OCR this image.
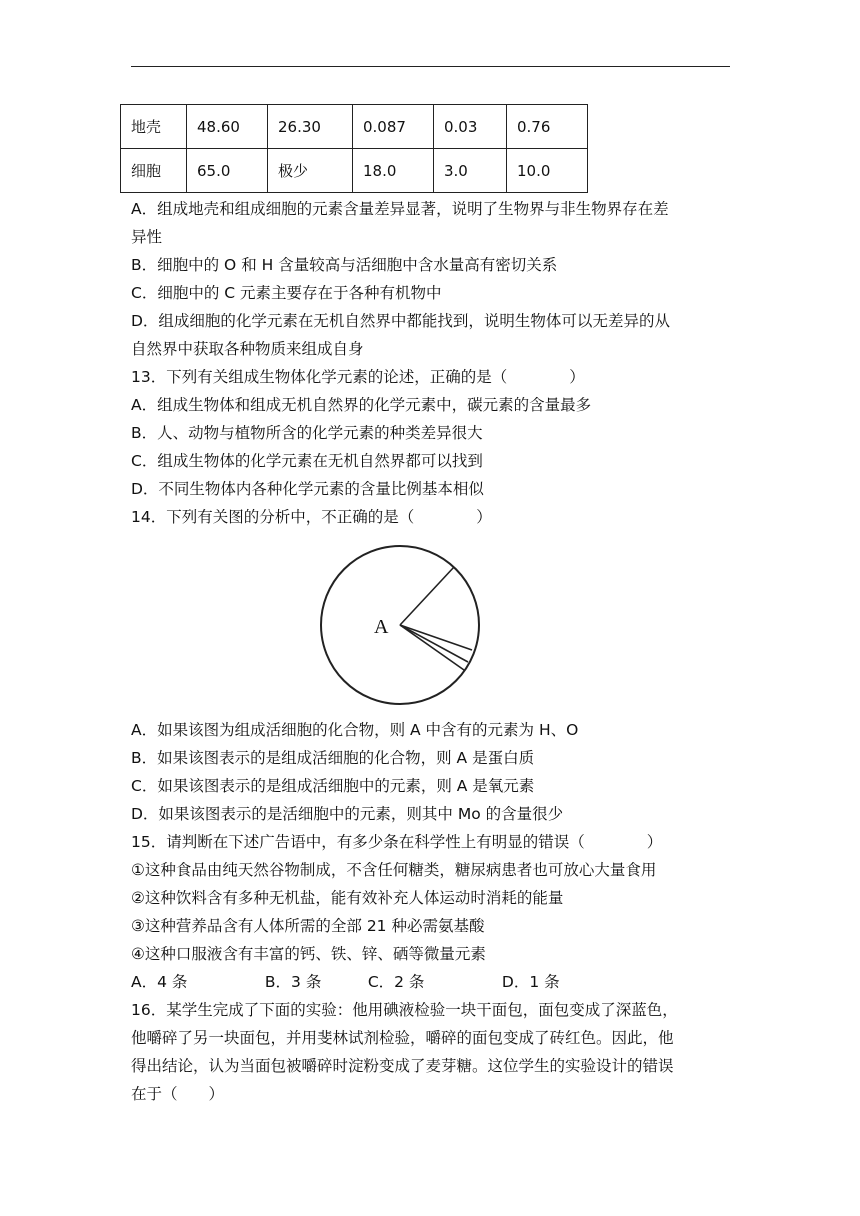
地壳	48.60	26.30	0.087	0.03	0.76
细胞	65.0	极少	18.0	3.0	10.0
A．组成地壳和组成细胞的元素含量差异显著，说明了生物界与非生物界存在差
异性
B．细胞中的 O 和 H 含量较高与活细胞中含水量高有密切关系
C．细胞中的 C 元素主要存在于各种有机物中
D．组成细胞的化学元素在无机自然界中都能找到，说明生物体可以无差异的从
自然界中获取各种物质来组成自身
13．下列有关组成生物体化学元素的论述，正确的是（　　　　）
A．组成生物体和组成无机自然界的化学元素中，碳元素的含量最多
B．人、动物与植物所含的化学元素的种类差异很大
C．组成生物体的化学元素在无机自然界都可以找到
D．不同生物体内各种化学元素的含量比例基本相似
14．下列有关图的分析中，不正确的是（　　　　）
A
A．如果该图为组成活细胞的化合物，则 A 中含有的元素为 H、O
B．如果该图表示的是组成活细胞的化合物，则 A 是蛋白质
C．如果该图表示的是组成活细胞中的元素，则 A 是氧元素
D．如果该图表示的是活细胞中的元素，则其中 Mo 的含量很少
15．请判断在下述广告语中，有多少条在科学性上有明显的错误（　　　　）
①这种食品由纯天然谷物制成，不含任何糖类，糖尿病患者也可放心大量食用
②这种饮料含有多种无机盐，能有效补充人体运动时消耗的能量
③这种营养品含有人体所需的全部 21 种必需氨基酸
④这种口服液含有丰富的钙、铁、锌、硒等微量元素
A．4 条　　　　　B．3 条　　　C．2 条　　　　　D．1 条
16．某学生完成了下面的实验：他用碘液检验一块干面包，面包变成了深蓝色，
他嚼碎了另一块面包，并用斐林试剂检验，嚼碎的面包变成了砖红色。因此，他
得出结论，认为当面包被嚼碎时淀粉变成了麦芽糖。这位学生的实验设计的错误
在于（　　）
